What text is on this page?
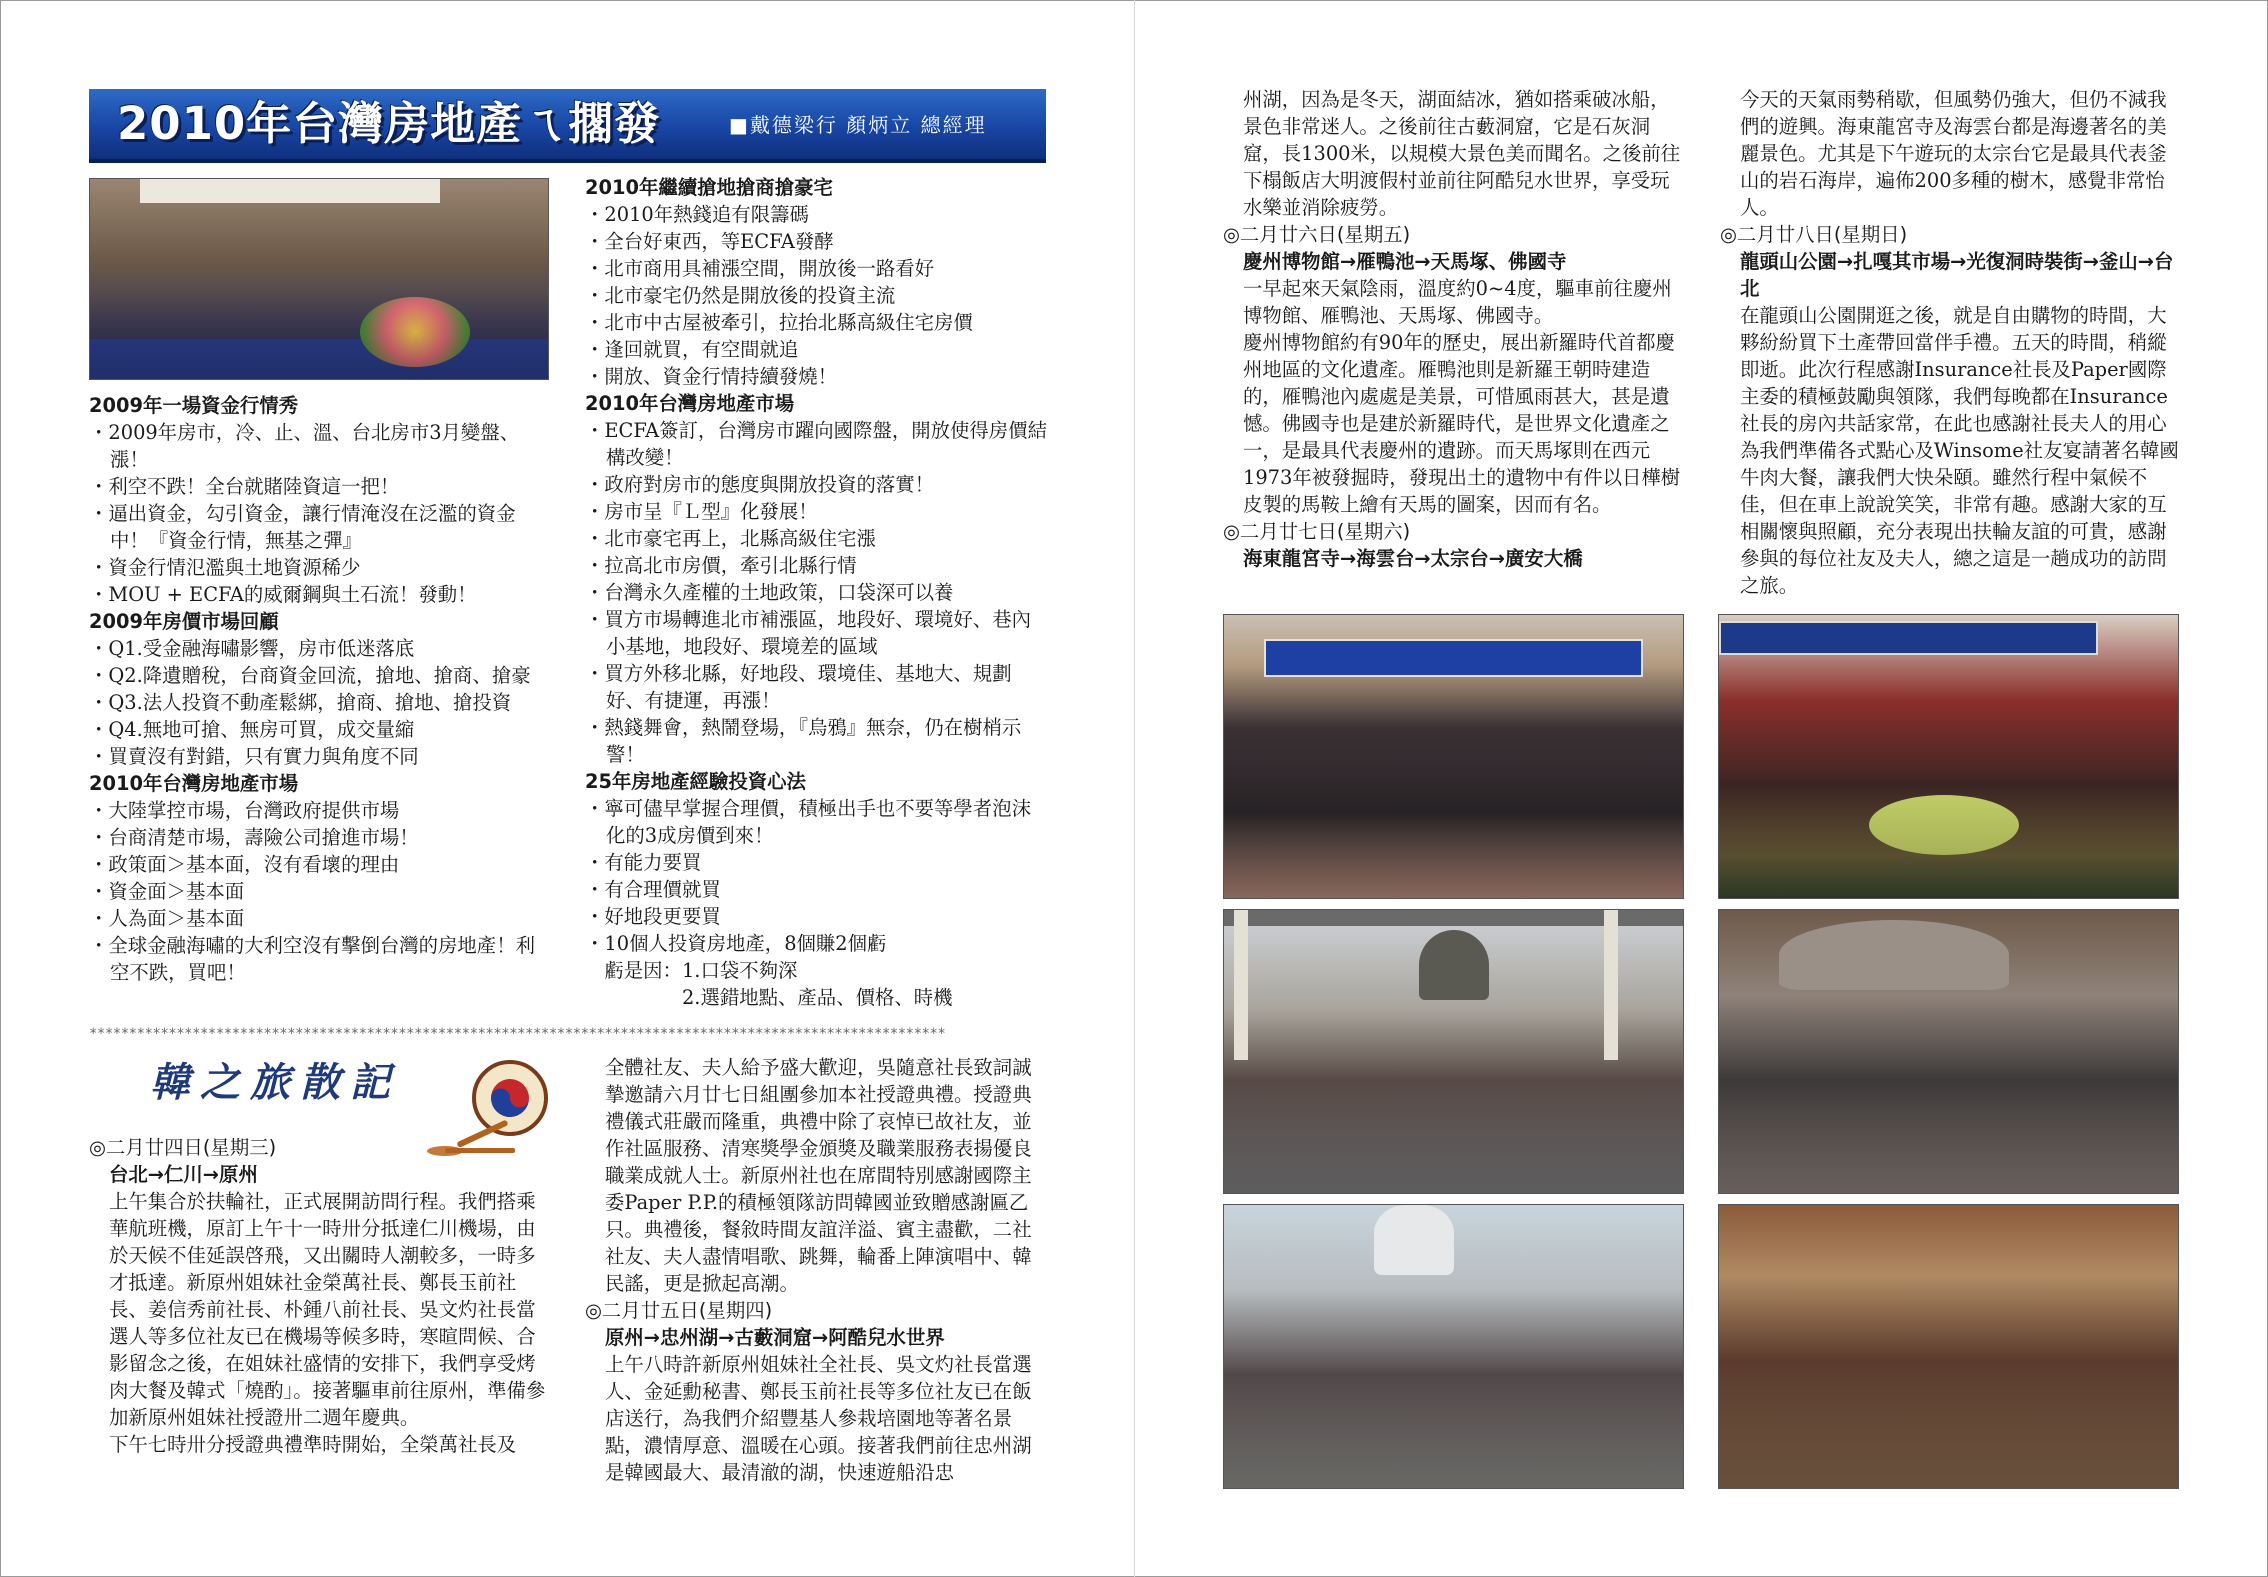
2010年台灣房地產ㄟ擱發	■戴德梁行 顏炳立 總經理

2009年一場資金行情秀

・2009年房市，冷、止、溫、台北房市3月變盤、漲！

・利空不跌！全台就賭陸資這一把！

・逼出資金，勾引資金，讓行情淹沒在泛濫的資金中！『資金行情，無基之彈』

・資金行情氾濫與土地資源稀少

・MOU + ECFA的威爾鋼與土石流！發動！

2009年房價市場回顧

・Q1.受金融海嘯影響，房市低迷落底

・Q2.降遺贈稅，台商資金回流，搶地、搶商、搶豪

・Q3.法人投資不動產鬆綁，搶商、搶地、搶投資

・Q4.無地可搶、無房可買，成交量縮

・買賣沒有對錯，只有實力與角度不同

2010年台灣房地產市場

・大陸掌控市場，台灣政府提供市場

・台商清楚市場，壽險公司搶進市場！

・政策面＞基本面，沒有看壞的理由

・資金面＞基本面

・人為面＞基本面

・全球金融海嘯的大利空沒有擊倒台灣的房地產！利空不跌，買吧！

2010年繼續搶地搶商搶豪宅

・2010年熱錢追有限籌碼

・全台好東西，等ECFA發酵

・北市商用具補漲空間，開放後一路看好

・北市豪宅仍然是開放後的投資主流

・北市中古屋被牽引，拉抬北縣高級住宅房價

・逢回就買，有空間就追

・開放、資金行情持續發燒！

2010年台灣房地產市場

・ECFA簽訂，台灣房市躍向國際盤，開放使得房價結構改變！

・政府對房市的態度與開放投資的落實！

・房市呈『Ｌ型』化發展！

・北市豪宅再上，北縣高級住宅漲

・拉高北市房價，牽引北縣行情

・台灣永久產權的土地政策，口袋深可以養

・買方市場轉進北市補漲區，地段好、環境好、巷內小基地，地段好、環境差的區域

・買方外移北縣，好地段、環境佳、基地大、規劃好、有捷運，再漲！

・熱錢舞會，熱鬧登場，『烏鴉』無奈，仍在樹梢示警！

25年房地產經驗投資心法

・寧可儘早掌握合理價，積極出手也不要等學者泡沫化的3成房價到來！

・有能力要買

・有合理價就買

・好地段更要買

・10個人投資房地產，8個賺2個虧

　虧是因：1.口袋不夠深

　　　　　2.選錯地點、產品、價格、時機

************************************************************************************************************
韓之旅散記

◎二月廿四日(星期三)

台北→仁川→原州

上午集合於扶輪社，正式展開訪問行程。我們搭乘華航班機，原訂上午十一時卅分抵達仁川機場，由於天候不佳延誤啓飛，又出關時人潮較多，一時多才抵達。新原州姐妹社金榮萬社長、鄭長玉前社長、姜信秀前社長、朴鍾八前社長、吳文灼社長當選人等多位社友已在機場等候多時，寒暄問候、合影留念之後，在姐妹社盛情的安排下，我們享受烤肉大餐及韓式「燒酌」。接著驅車前往原州，準備參加新原州姐妹社授證卅二週年慶典。

下午七時卅分授證典禮準時開始，全榮萬社長及

全體社友、夫人給予盛大歡迎，吳隨意社長致詞誠摯邀請六月廿七日組團參加本社授證典禮。授證典禮儀式莊嚴而隆重，典禮中除了哀悼已故社友，並作社區服務、清寒獎學金頒獎及職業服務表揚優良職業成就人士。新原州社也在席間特別感謝國際主委Paper P.P.的積極領隊訪問韓國並致贈感謝匾乙只。典禮後，餐敘時間友誼洋溢、賓主盡歡，二社社友、夫人盡情唱歌、跳舞，輪番上陣演唱中、韓民謠，更是掀起高潮。

◎二月廿五日(星期四)

原州→忠州湖→古藪洞窟→阿酷兒水世界

上午八時許新原州姐妹社全社長、吳文灼社長當選人、金延勳秘書、鄭長玉前社長等多位社友已在飯店送行，為我們介紹豐基人參栽培園地等著名景點，濃情厚意、溫暖在心頭。接著我們前往忠州湖是韓國最大、最清澈的湖，快速遊船沿忠

州湖，因為是冬天，湖面結冰，猶如搭乘破冰船，景色非常迷人。之後前往古藪洞窟，它是石灰洞窟，長1300米，以規模大景色美而聞名。之後前往下榻飯店大明渡假村並前往阿酷兒水世界，享受玩水樂並消除疲勞。

◎二月廿六日(星期五)

慶州博物館→雁鴨池→天馬塚、佛國寺

一早起來天氣陰雨，溫度約0~4度，驅車前往慶州博物館、雁鴨池、天馬塚、佛國寺。

慶州博物館約有90年的歷史，展出新羅時代首都慶州地區的文化遺產。雁鴨池則是新羅王朝時建造的，雁鴨池內處處是美景，可惜風雨甚大，甚是遺憾。佛國寺也是建於新羅時代，是世界文化遺產之一，是最具代表慶州的遺跡。而天馬塚則在西元1973年被發掘時，發現出土的遺物中有件以日樺樹皮製的馬鞍上繪有天馬的圖案，因而有名。

◎二月廿七日(星期六)

海東龍宮寺→海雲台→太宗台→廣安大橋

今天的天氣雨勢稍歇，但風勢仍強大，但仍不減我們的遊興。海東龍宮寺及海雲台都是海邊著名的美麗景色。尤其是下午遊玩的太宗台它是最具代表釜山的岩石海岸，遍佈200多種的樹木，感覺非常怡人。

◎二月廿八日(星期日)

龍頭山公園→扎嘎其市場→光復洞時裝街→釜山→台北

在龍頭山公園開逛之後，就是自由購物的時間，大夥紛紛買下土產帶回當伴手禮。五天的時間，稍縱即逝。此次行程感謝Insurance社長及Paper國際主委的積極鼓勵與領隊，我們每晚都在Insurance社長的房內共話家常，在此也感謝社長夫人的用心為我們準備各式點心及Winsome社友宴請著名韓國牛肉大餐，讓我們大快朵頤。雖然行程中氣候不佳，但在車上說說笑笑，非常有趣。感謝大家的互相關懷與照顧，充分表現出扶輪友誼的可貴，感謝參與的每位社友及夫人，總之這是一趟成功的訪問之旅。
